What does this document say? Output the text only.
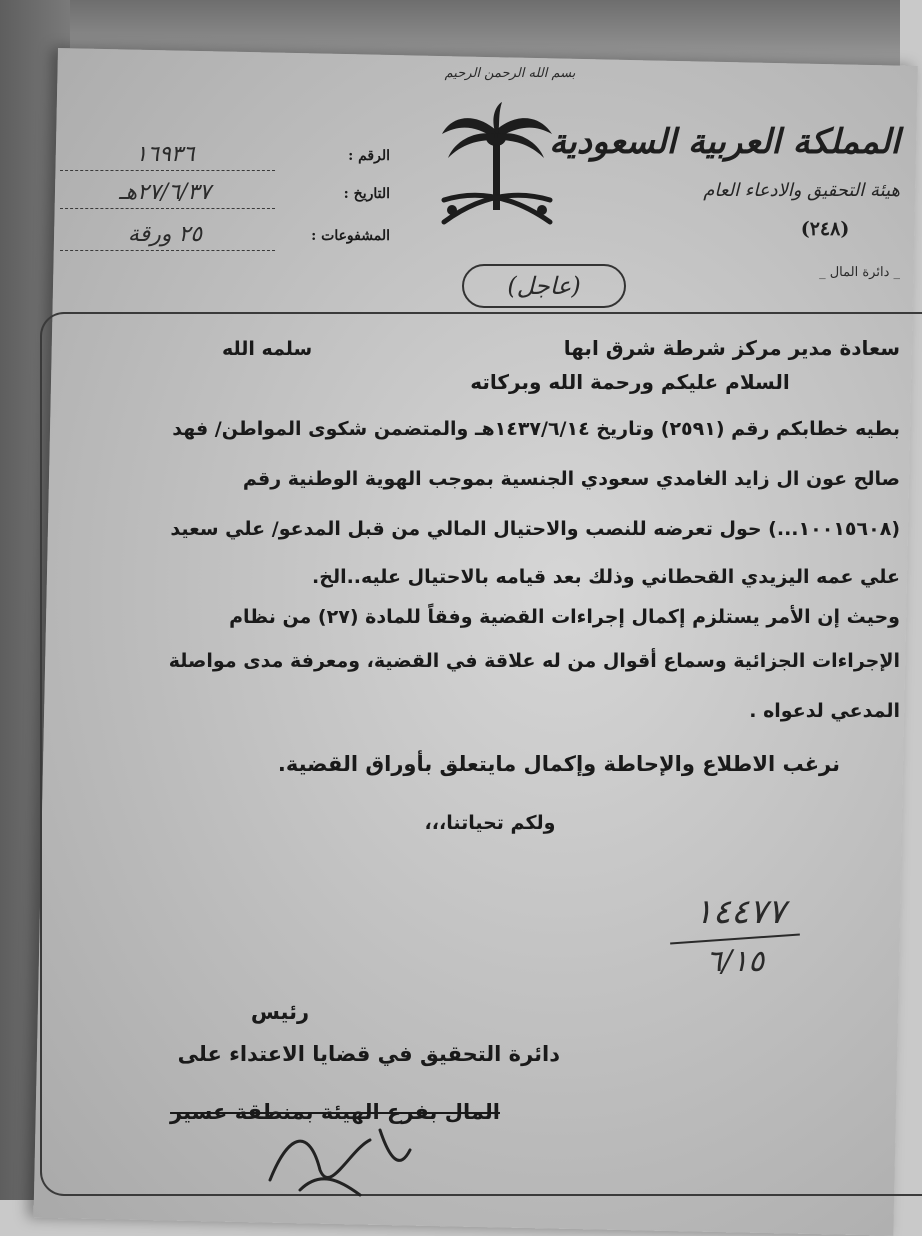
بسم الله الرحمن الرحيم
١٦٩٣٦	الرقم :
٢٧/٦/٣٧هـ	التاريخ :
٢٥ ورقة	المشفوعات :
المملكة العربية السعودية
هيئة التحقيق والادعاء العام
(٢٤٨)
_ دائرة المال _
(عاجل)
سعادة مدير مركز شرطة شرق ابها
سلمه الله
السلام عليكم ورحمة الله وبركاته
بطيه خطابكم رقم (٢٥٩١) وتاريخ ١٤٣٧/٦/١٤هـ والمتضمن شكوى المواطن/ فهد
صالح عون ال زايد الغامدي سعودي الجنسية بموجب الهوية الوطنية رقم
(١٠٠١٥٦٠٨...) حول تعرضه للنصب والاحتيال المالي من قبل المدعو/ علي سعيد
علي عمه اليزيدي القحطاني وذلك بعد قيامه بالاحتيال عليه..الخ.
وحيث إن الأمر يستلزم إكمال إجراءات القضية وفقاً للمادة (٢٧) من نظام
الإجراءات الجزائية وسماع أقوال من له علاقة في القضية، ومعرفة مدى مواصلة
المدعي لدعواه .
نرغب الاطلاع والإحاطة وإكمال مايتعلق بأوراق القضية.
ولكم تحياتنا،،،
١٤٤٧٧
٦/١٥
رئيس
دائرة التحقيق في قضايا الاعتداء على
المال بفرع الهيئة بمنطقة عسير
